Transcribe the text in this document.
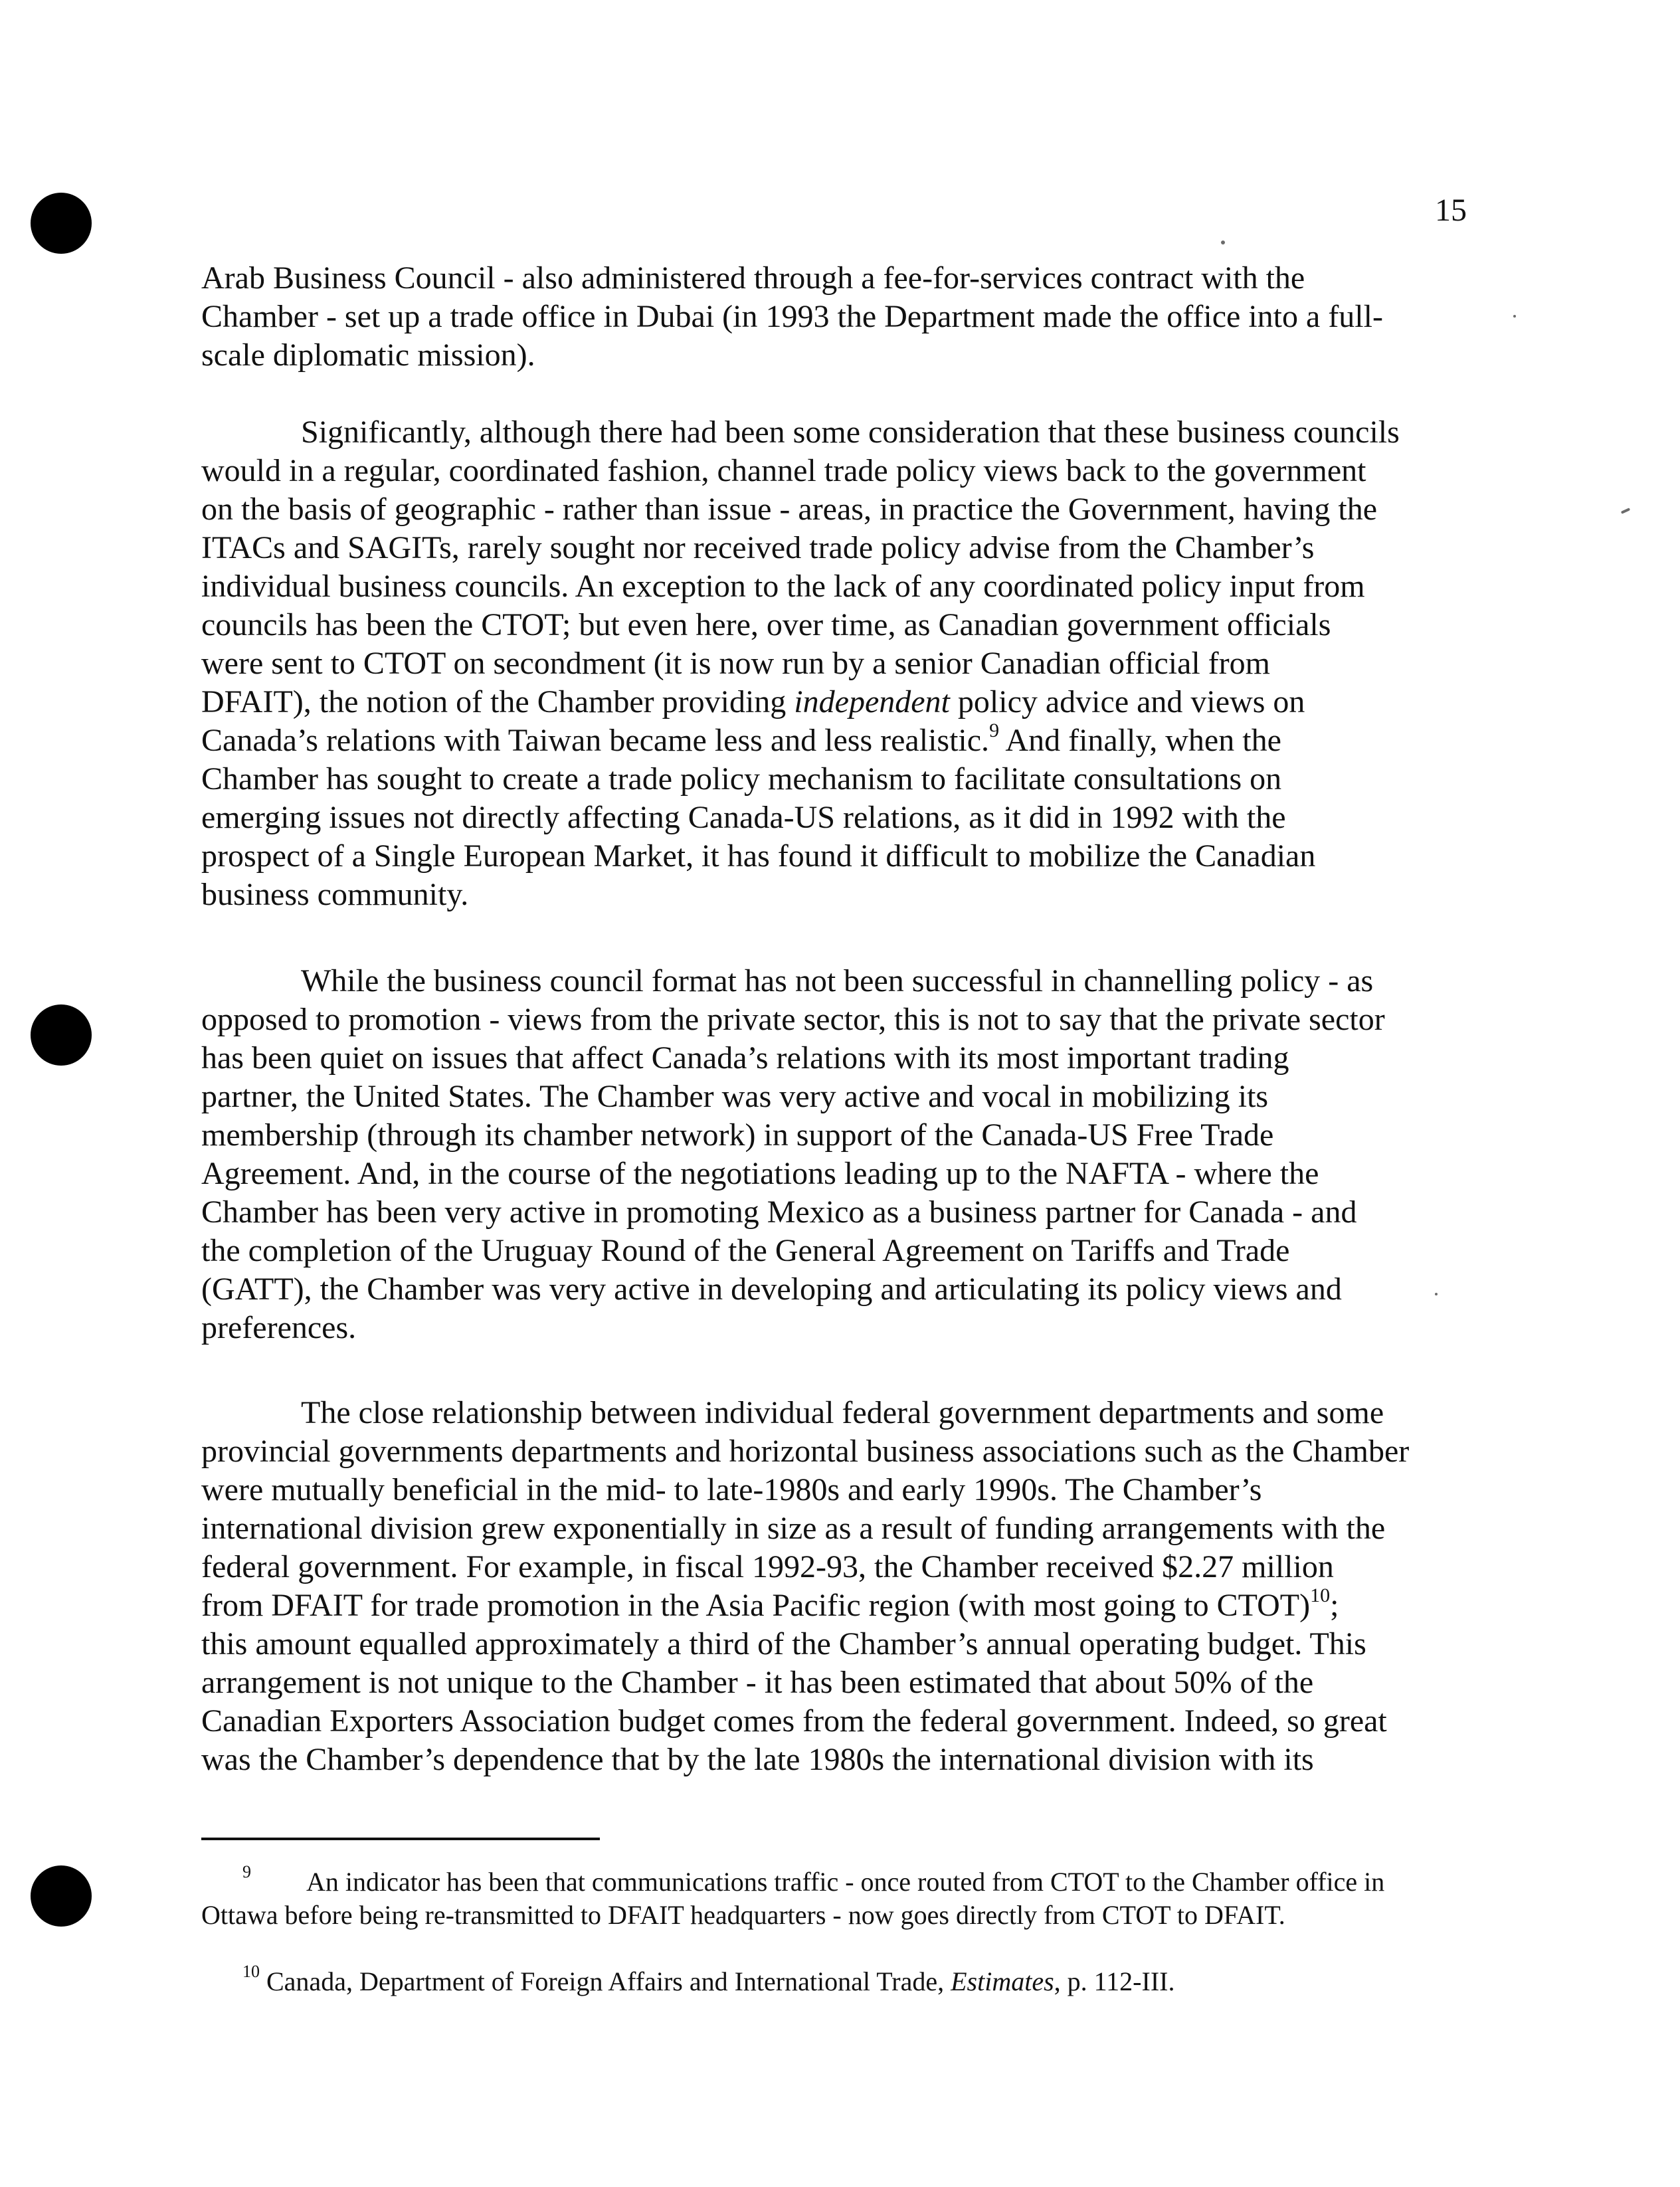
15

Arab Business Council - also administered through a fee-for-services contract with the
Chamber - set up a trade office in Dubai (in 1993 the Department made the office into a full-
scale diplomatic mission).

Significantly, although there had been some consideration that these business councils
would in a regular, coordinated fashion, channel trade policy views back to the government
on the basis of geographic - rather than issue - areas, in practice the Government, having the
ITACs and SAGITs, rarely sought nor received trade policy advise from the Chamber’s
individual business councils. An exception to the lack of any coordinated policy input from
councils has been the CTOT; but even here, over time, as Canadian government officials
were sent to CTOT on secondment (it is now run by a senior Canadian official from
DFAIT), the notion of the Chamber providing independent policy advice and views on
Canada’s relations with Taiwan became less and less realistic.$^9$ And finally, when the
Chamber has sought to create a trade policy mechanism to facilitate consultations on
emerging issues not directly affecting Canada-US relations, as it did in 1992 with the
prospect of a Single European Market, it has found it difficult to mobilize the Canadian
business community.

While the business council format has not been successful in channelling policy - as
opposed to promotion - views from the private sector, this is not to say that the private sector
has been quiet on issues that affect Canada’s relations with its most important trading
partner, the United States. The Chamber was very active and vocal in mobilizing its
membership (through its chamber network) in support of the Canada-US Free Trade
Agreement. And, in the course of the negotiations leading up to the NAFTA - where the
Chamber has been very active in promoting Mexico as a business partner for Canada - and
the completion of the Uruguay Round of the General Agreement on Tariffs and Trade
(GATT), the Chamber was very active in developing and articulating its policy views and
preferences.

The close relationship between individual federal government departments and some
provincial governments departments and horizontal business associations such as the Chamber
were mutually beneficial in the mid- to late-1980s and early 1990s. The Chamber’s
international division grew exponentially in size as a result of funding arrangements with the
federal government. For example, in fiscal 1992-93, the Chamber received $2.27 million
from DFAIT for trade promotion in the Asia Pacific region (with most going to CTOT)$^{10}$;
this amount equalled approximately a third of the Chamber’s annual operating budget. This
arrangement is not unique to the Chamber - it has been estimated that about 50% of the
Canadian Exporters Association budget comes from the federal government. Indeed, so great
was the Chamber’s dependence that by the late 1980s the international division with its

$^9$ An indicator has been that communications traffic - once routed from CTOT to the Chamber office in
Ottawa before being re-transmitted to DFAIT headquarters - now goes directly from CTOT to DFAIT.

$^{10}$ Canada, Department of Foreign Affairs and International Trade, Estimates, p. 112-III.
